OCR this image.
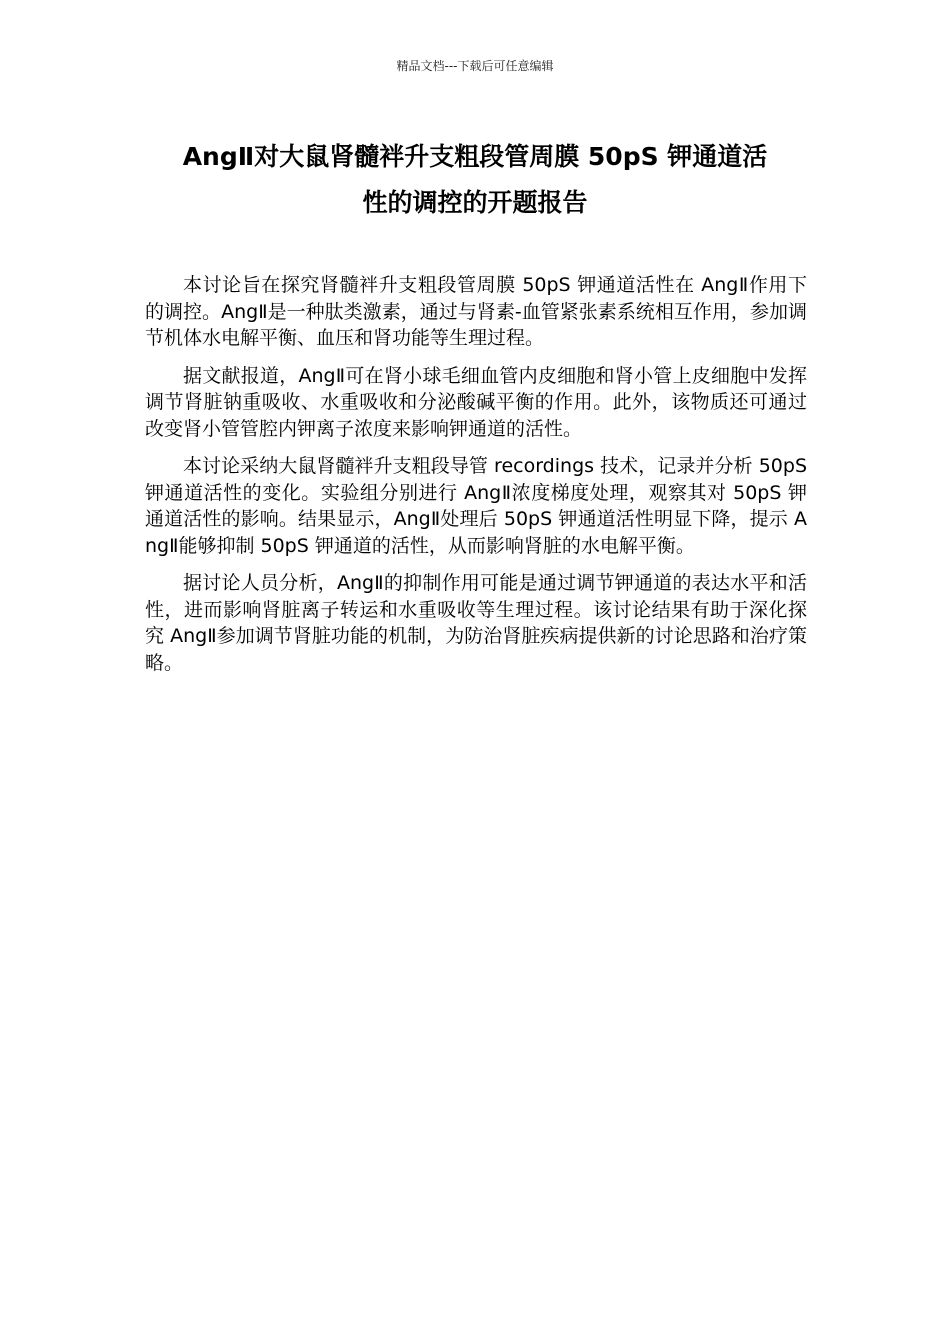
精品文档---下载后可任意编辑
AngⅡ对大鼠肾髓袢升支粗段管周膜 50pS 钾通道活
性的调控的开题报告

本讨论旨在探究肾髓袢升支粗段管周膜 50pS 钾通道活性在 AngⅡ作用下的调控。AngⅡ是一种肽类激素，通过与肾素-血管紧张素系统相互作用，参加调节机体水电解平衡、血压和肾功能等生理过程。

据文献报道，AngⅡ可在肾小球毛细血管内皮细胞和肾小管上皮细胞中发挥调节肾脏钠重吸收、水重吸收和分泌酸碱平衡的作用。此外，该物质还可通过改变肾小管管腔内钾离子浓度来影响钾通道的活性。

本讨论采纳大鼠肾髓袢升支粗段导管 recordings 技术，记录并分析 50pS 钾通道活性的变化。实验组分别进行 AngⅡ浓度梯度处理，观察其对 50pS 钾通道活性的影响。结果显示，AngⅡ处理后 50pS 钾通道活性明显下降，提示 AngⅡ能够抑制 50pS 钾通道的活性，从而影响肾脏的水电解平衡。

据讨论人员分析，AngⅡ的抑制作用可能是通过调节钾通道的表达水平和活性，进而影响肾脏离子转运和水重吸收等生理过程。该讨论结果有助于深化探究 AngⅡ参加调节肾脏功能的机制，为防治肾脏疾病提供新的讨论思路和治疗策略。
